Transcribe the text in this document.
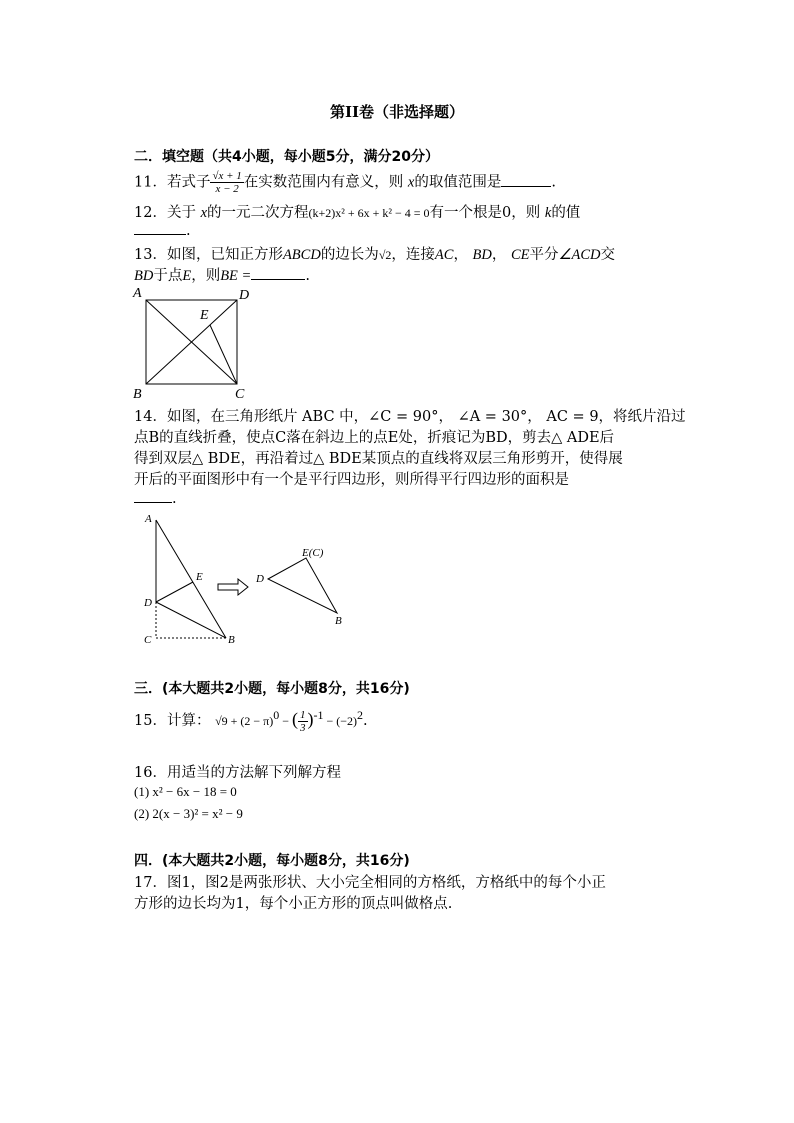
第II卷（非选择题）
二．填空题（共4小题，每小题5分，满分20分）
11．若式子 $\frac{√x + 1}{x - 2}$ 在实数范围内有意义，则 x的取值范围是	.
12．关于 x的一元二次方程(k+2)x² + 6x + k² − 4 = 0有一个根是0，则 k的值
.
13．如图，已知正方形ABCD的边长为√2，连接AC， BD， CE平分∠ACD交
BD于点E，则BE =	.
A	D
E
B	C
14．如图，在三角形纸片 ABC 中，∠C = 90°， ∠A = 30°， AC = 9，将纸片沿过
点B的直线折叠，使点C落在斜边上的点E处，折痕记为BD，剪去△ ADE后
得到双层△ BDE，再沿着过△ BDE某顶点的直线将双层三角形剪开，使得展
开后的平面图形中有一个是平行四边形，则所得平行四边形的面积是
.
A
E
D
C	B
D
E(C)
B
三．(本大题共2小题，每小题8分，共16分)
15．计算： $√9 + (2 - \pi)^0$ − ( $\frac{1}{3} )^{-1} - (-2)^2$.
16．用适当的方法解下列解方程
(1) x² − 6x − 18 = 0
(2) 2(x − 3)² = x² − 9
四．(本大题共2小题，每小题8分，共16分)
17．图1，图2是两张形状、大小完全相同的方格纸，方格纸中的每个小正
方形的边长均为1，每个小正方形的顶点叫做格点.
